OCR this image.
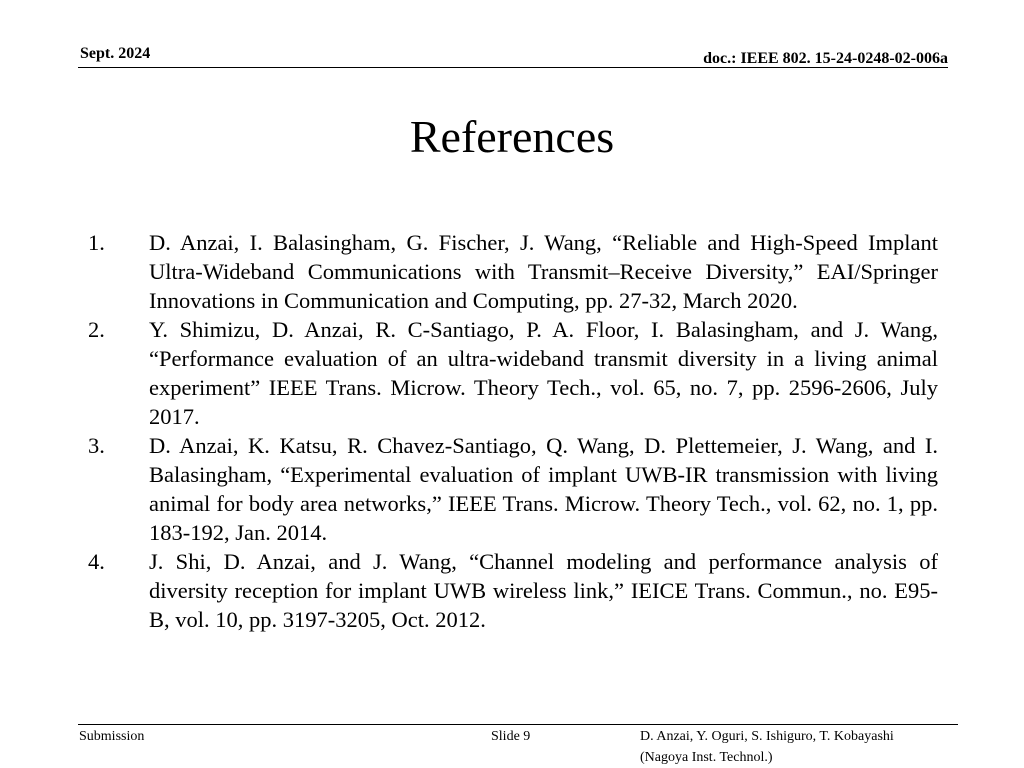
Sept. 2024	doc.: IEEE 802. 15-24-0248-02-006a
References
1.	D. Anzai, I. Balasingham, G. Fischer, J. Wang, “Reliable and High-Speed Implant Ultra-Wideband Communications with Transmit–Receive Diversity,” EAI/Springer Innovations in Communication and Computing, pp. 27-32, March 2020.
2.	Y. Shimizu, D. Anzai, R. C-Santiago, P. A. Floor, I. Balasingham, and J. Wang, “Performance evaluation of an ultra-wideband transmit diversity in a living animal experiment” IEEE Trans. Microw. Theory Tech., vol. 65, no. 7, pp. 2596-2606, July 2017.
3.	D. Anzai, K. Katsu, R. Chavez-Santiago, Q. Wang, D. Plettemeier, J. Wang, and I. Balasingham, “Experimental evaluation of implant UWB-IR transmission with living animal for body area networks,” IEEE Trans. Microw. Theory Tech., vol. 62, no. 1, pp. 183-192, Jan. 2014.
4.	J. Shi, D. Anzai, and J. Wang, “Channel modeling and performance analysis of diversity reception for implant UWB wireless link,” IEICE Trans. Commun., no. E95-B, vol. 10, pp. 3197-3205, Oct. 2012.
Submission	Slide 9	D. Anzai, Y. Oguri, S. Ishiguro, T. Kobayashi
(Nagoya Inst. Technol.)
